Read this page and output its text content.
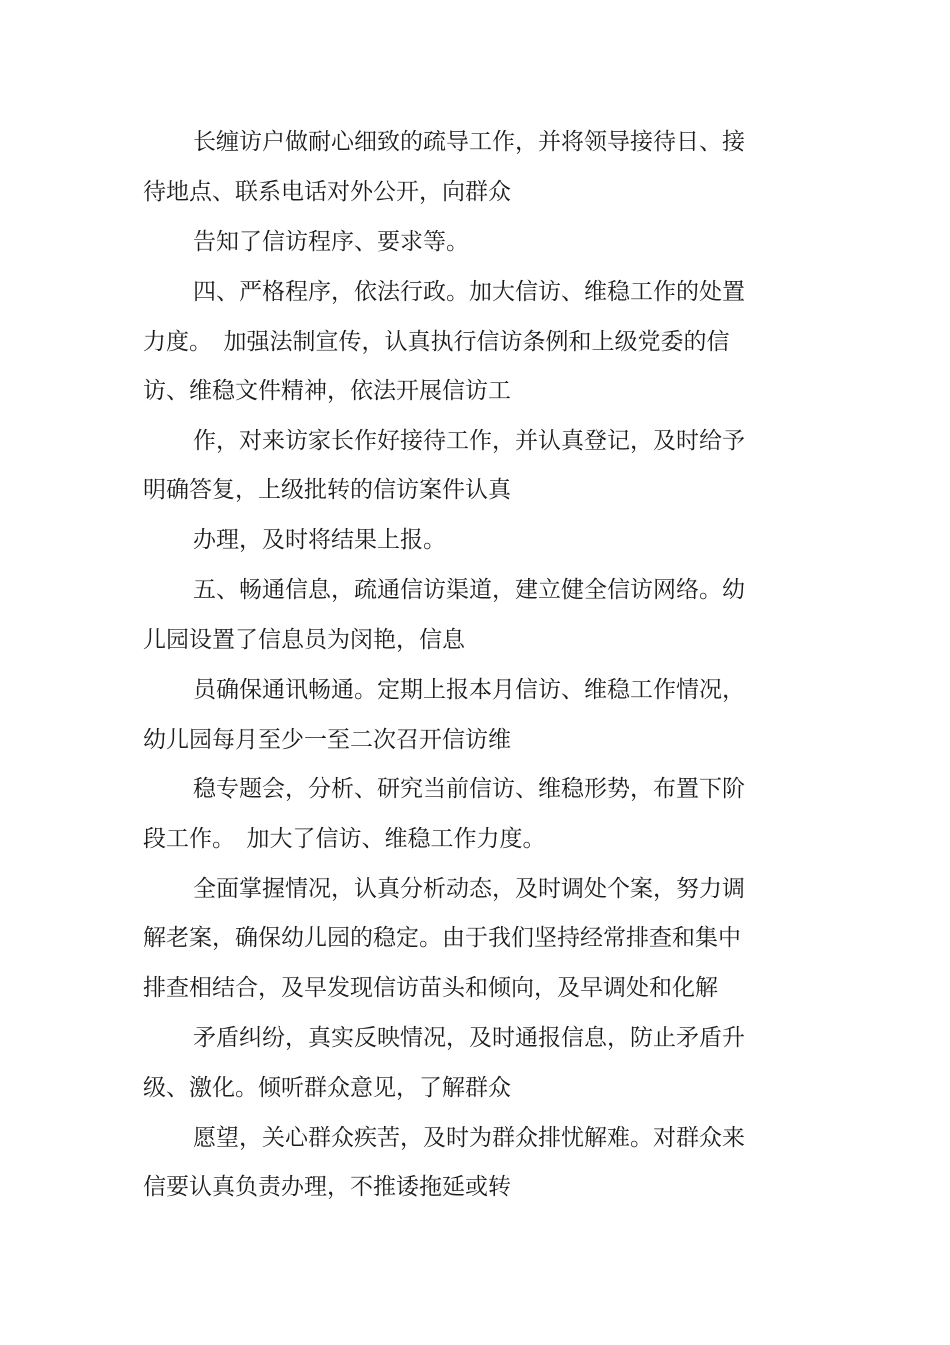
长缠访户做耐心细致的疏导工作，并将领导接待日、接
待地点、联系电话对外公开，向群众
告知了信访程序、要求等。
四、严格程序，依法行政。加大信访、维稳工作的处置
力度。　加强法制宣传，认真执行信访条例和上级党委的信
访、维稳文件精神，依法开展信访工
作，对来访家长作好接待工作，并认真登记，及时给予
明确答复，上级批转的信访案件认真
办理，及时将结果上报。
五、畅通信息，疏通信访渠道，建立健全信访网络。幼
儿园设置了信息员为闵艳，信息
员确保通讯畅通。定期上报本月信访、维稳工作情况，
幼儿园每月至少一至二次召开信访维
稳专题会，分析、研究当前信访、维稳形势，布置下阶
段工作。　加大了信访、维稳工作力度。
全面掌握情况，认真分析动态，及时调处个案，努力调
解老案，确保幼儿园的稳定。由于我们坚持经常排查和集中
排查相结合，及早发现信访苗头和倾向，及早调处和化解
矛盾纠纷，真实反映情况，及时通报信息，防止矛盾升
级、激化。倾听群众意见，了解群众
愿望，关心群众疾苦，及时为群众排忧解难。对群众来
信要认真负责办理，不推诿拖延或转
